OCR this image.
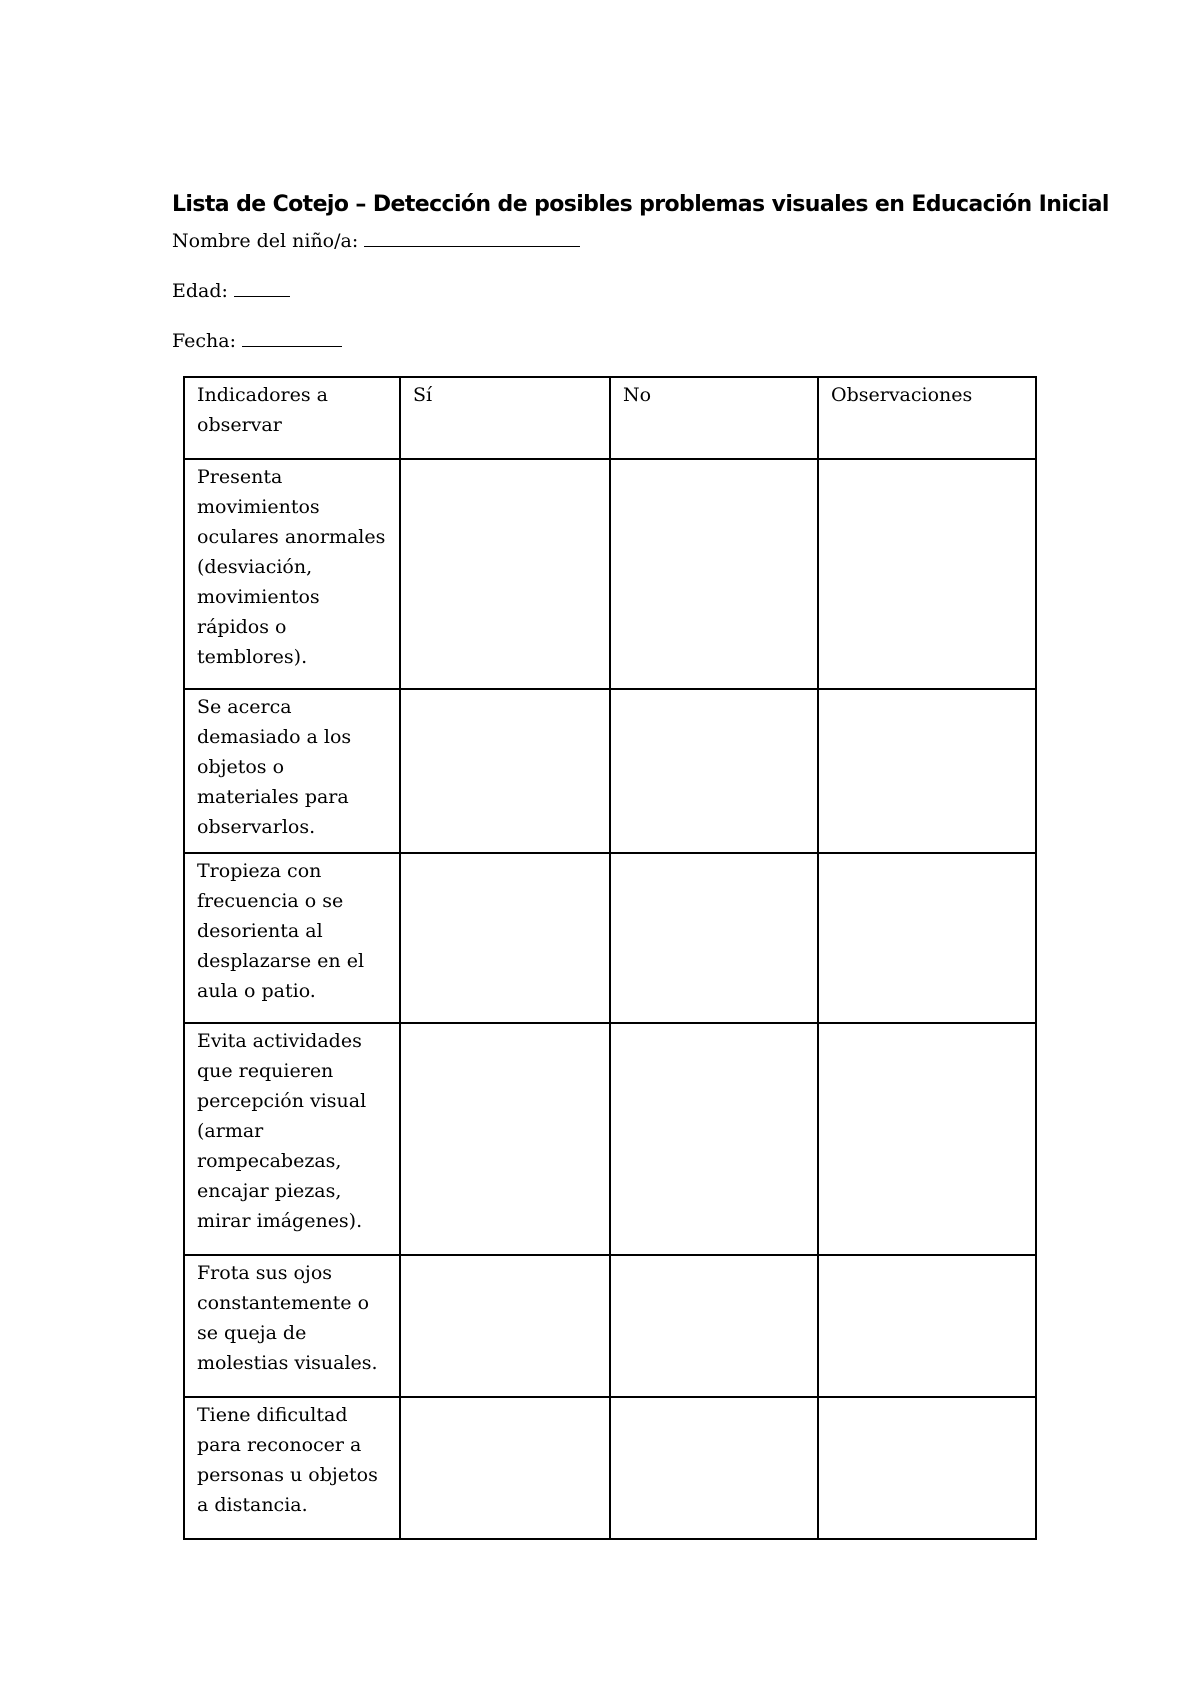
Lista de Cotejo – Detección de posibles problemas visuales en Educación Inicial
Nombre del niño/a:
Edad:
Fecha:
Indicadores a observar	Sí	No	Observaciones
Presenta movimientos oculares anormales (desviación, movimientos rápidos o temblores).			
Se acerca demasiado a los objetos o materiales para observarlos.			
Tropieza con frecuencia o se desorienta al desplazarse en el aula o patio.			
Evita actividades que requieren percepción visual (armar rompecabezas, encajar piezas, mirar imágenes).			
Frota sus ojos constantemente o se queja de molestias visuales.			
Tiene dificultad para reconocer a personas u objetos a distancia.			
